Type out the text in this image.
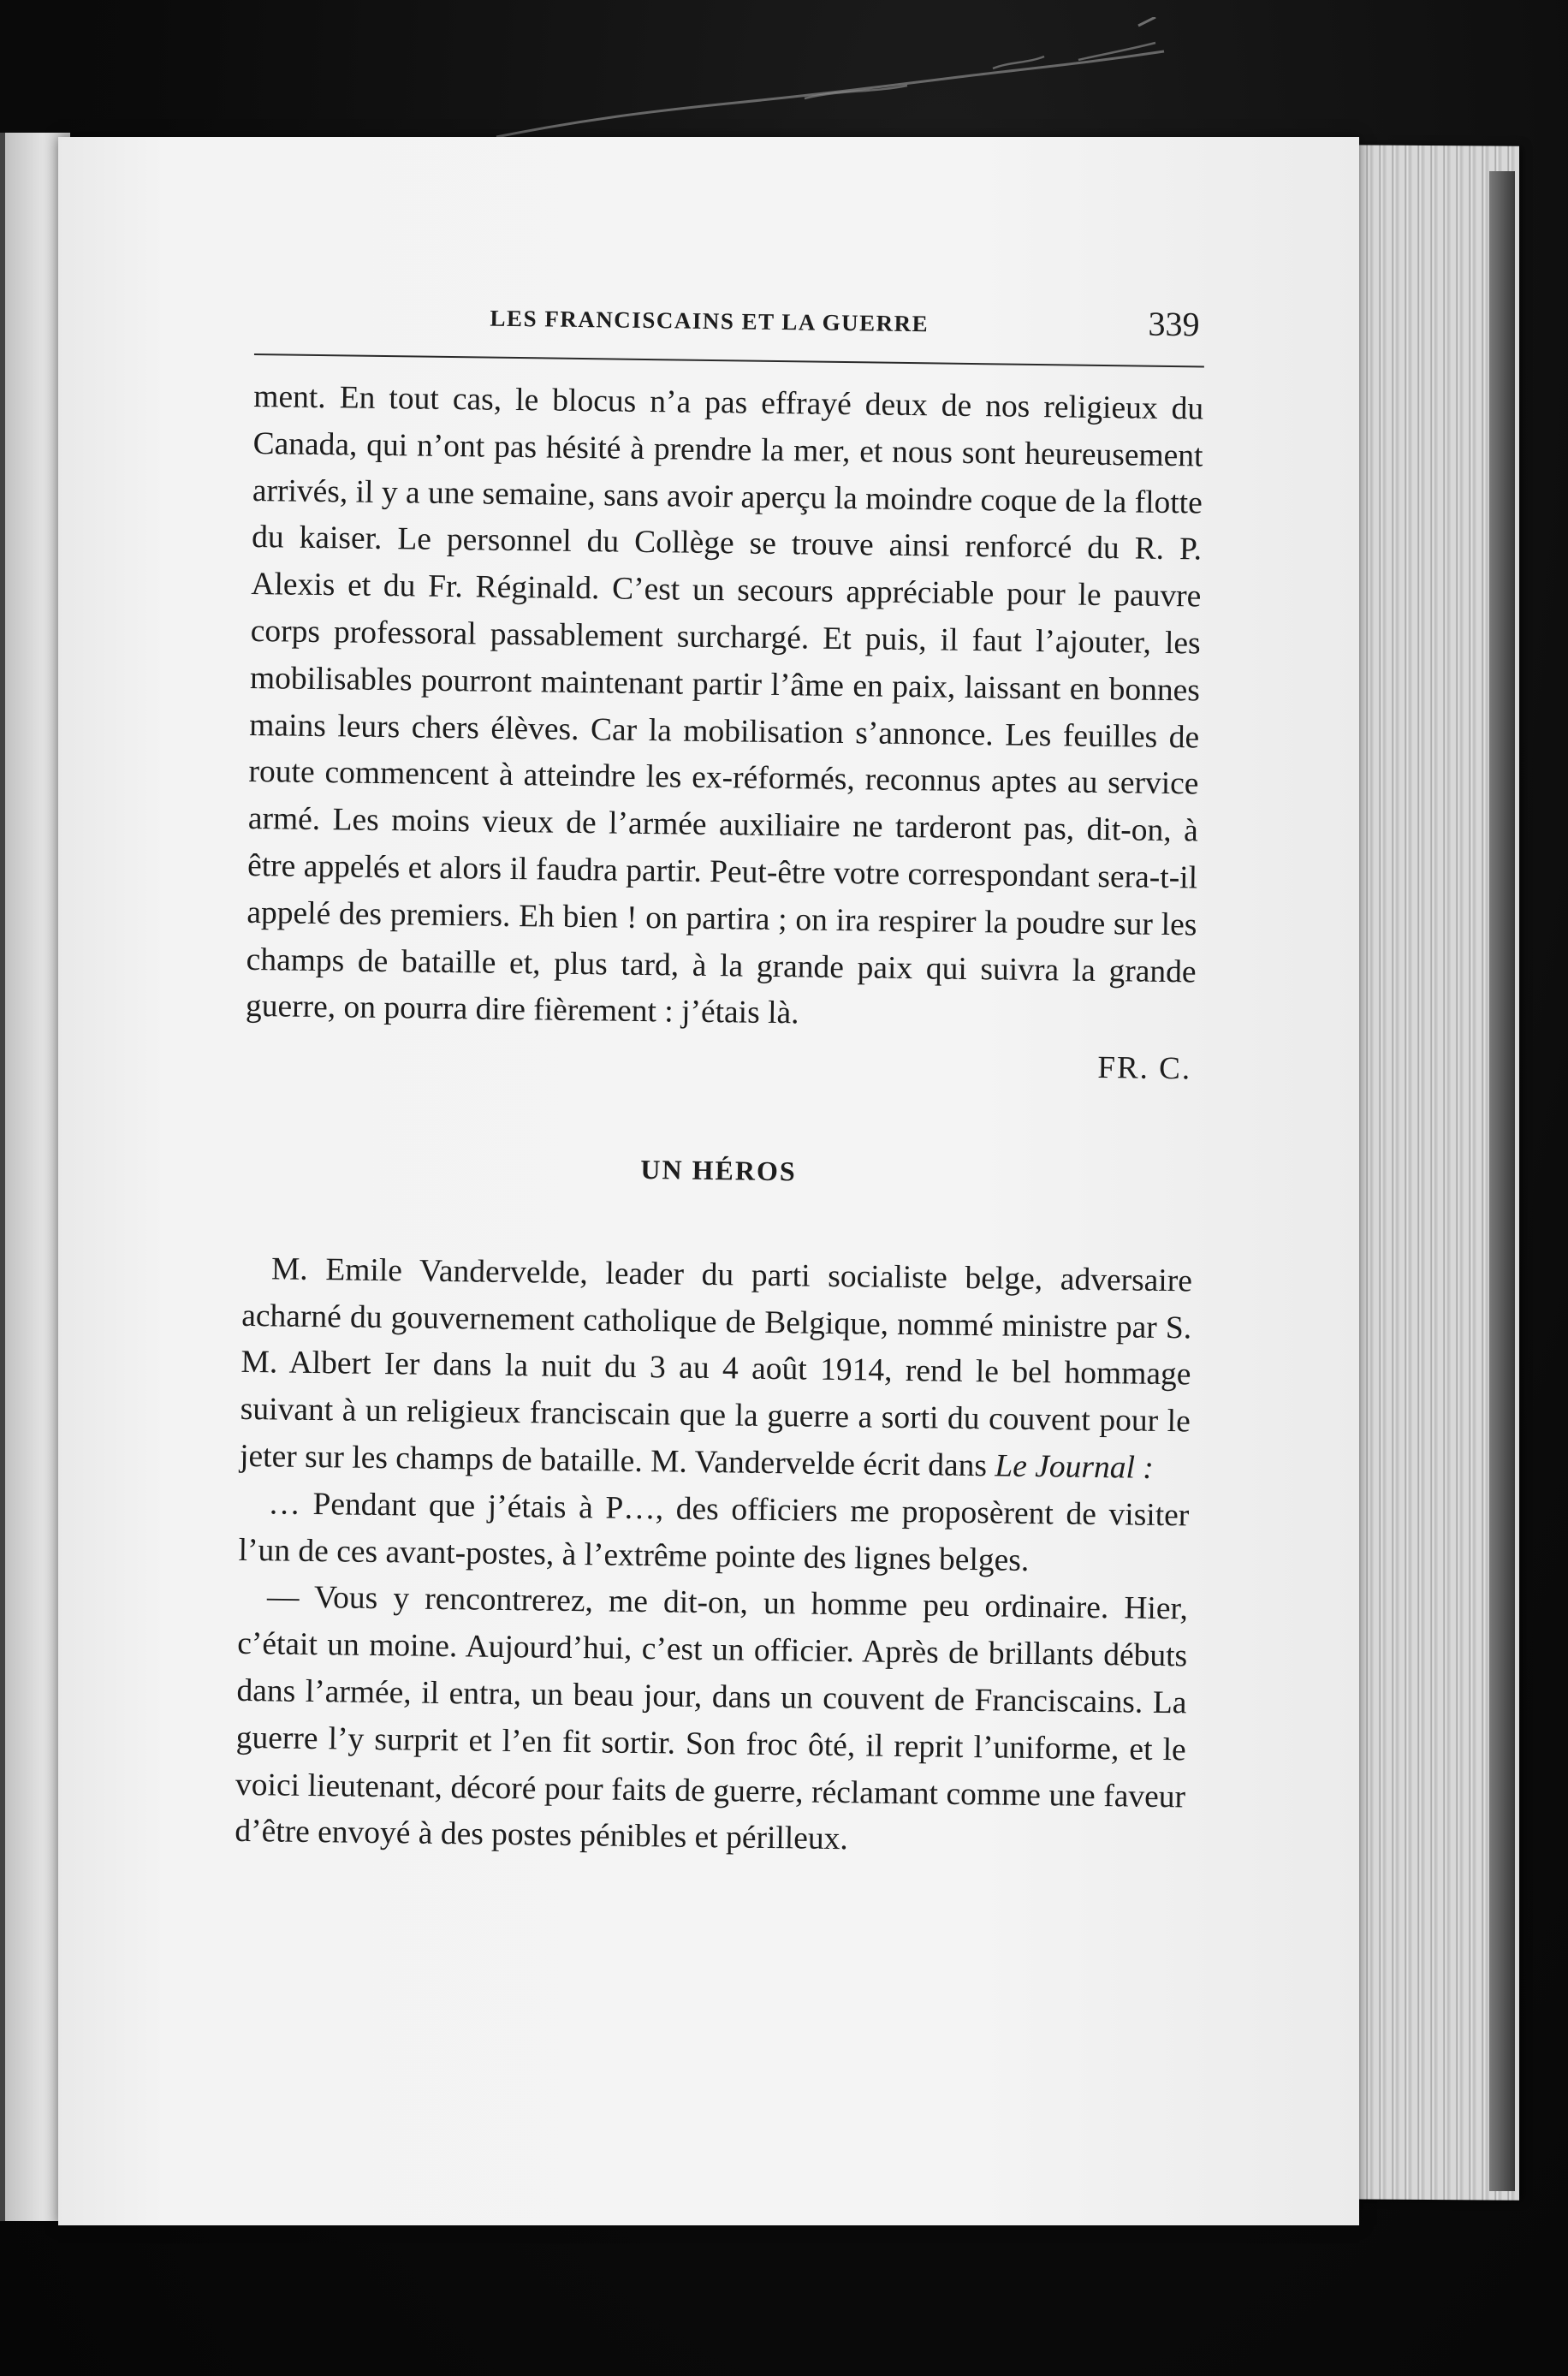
LES FRANCISCAINS ET LA GUERRE	339

ment. En tout cas, le blocus n’a pas effrayé deux de nos religieux du Canada, qui n’ont pas hésité à prendre la mer, et nous sont heureusement arrivés, il y a une semaine, sans avoir aperçu la moindre coque de la flotte du kaiser. Le personnel du Collège se trouve ainsi renforcé du R. P. Alexis et du Fr. Réginald. C’est un secours appréciable pour le pauvre corps professoral passablement surchargé. Et puis, il faut l’ajouter, les mobilisables pourront maintenant partir l’âme en paix, laissant en bonnes mains leurs chers élèves. Car la mobilisation s’annonce. Les feuilles de route commencent à atteindre les ex-réformés, reconnus aptes au service armé. Les moins vieux de l’armée auxiliaire ne tarderont pas, dit-on, à être appelés et alors il faudra partir. Peut-être votre correspondant sera-t-il appelé des premiers. Eh bien ! on partira ; on ira respirer la poudre sur les champs de bataille et, plus tard, à la grande paix qui suivra la grande guerre, on pourra dire fièrement : j’étais là.

FR. C.
UN HÉROS

M. Emile Vandervelde, leader du parti socialiste belge, adversaire acharné du gouvernement catholique de Belgique, nommé ministre par S. M. Albert Ier dans la nuit du 3 au 4 août 1914, rend le bel hommage suivant à un religieux franciscain que la guerre a sorti du couvent pour le jeter sur les champs de bataille. M. Vandervelde écrit dans Le Journal :

… Pendant que j’étais à P…, des officiers me proposèrent de visiter l’un de ces avant-postes, à l’extrême pointe des lignes belges.

— Vous y rencontrerez, me dit-on, un homme peu ordinaire. Hier, c’était un moine. Aujourd’hui, c’est un officier. Après de brillants débuts dans l’armée, il entra, un beau jour, dans un couvent de Franciscains. La guerre l’y surprit et l’en fit sortir. Son froc ôté, il reprit l’uniforme, et le voici lieutenant, décoré pour faits de guerre, réclamant comme une faveur d’être envoyé à des postes pénibles et périlleux.
